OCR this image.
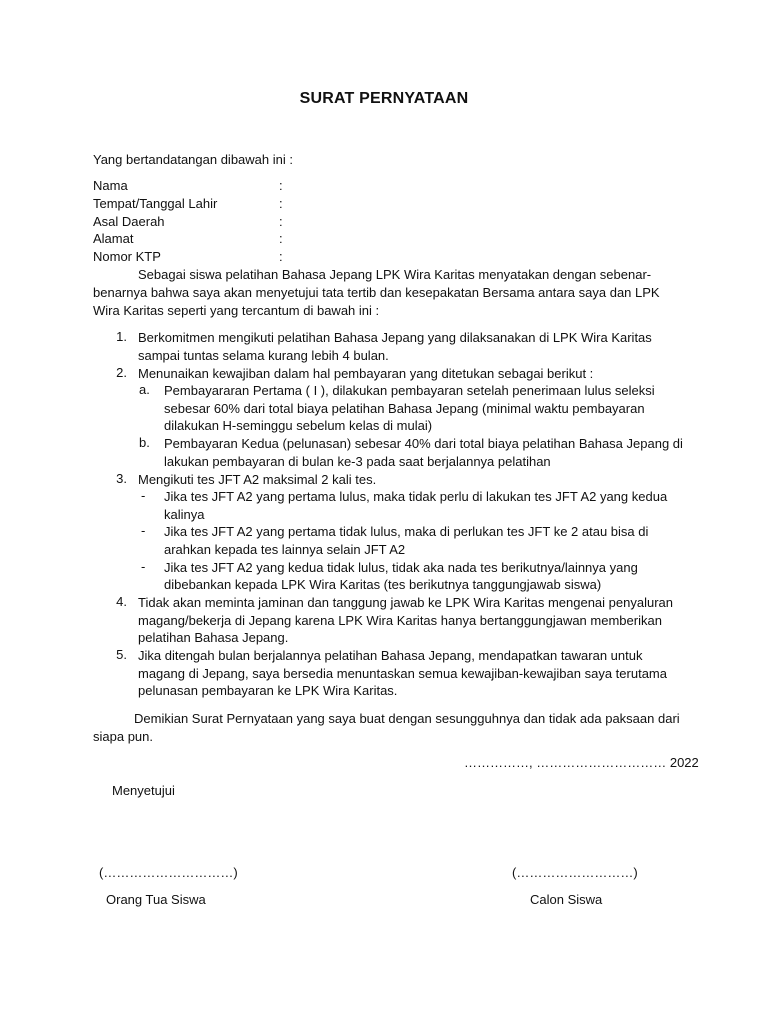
SURAT PERNYATAAN
Yang bertandatangan dibawah ini :
Nama	:
Tempat/Tanggal Lahir	:
Asal Daerah	:
Alamat	:
Nomor KTP	:
Sebagai siswa pelatihan Bahasa Jepang LPK Wira Karitas menyatakan dengan sebenar-
benarnya bahwa saya akan menyetujui tata tertib dan kesepakatan Bersama antara saya dan LPK
Wira Karitas seperti yang tercantum di bawah ini :
1. Berkomitmen mengikuti pelatihan Bahasa Jepang yang dilaksanakan di LPK Wira Karitas
sampai tuntas selama kurang lebih 4 bulan.
2. Menunaikan kewajiban dalam hal pembayaran yang ditetukan sebagai berikut :
a. Pembayararan Pertama ( I ), dilakukan pembayaran setelah penerimaan lulus seleksi
sebesar 60% dari total biaya pelatihan Bahasa Jepang (minimal waktu pembayaran
dilakukan H-seminggu sebelum kelas di mulai)
b. Pembayaran Kedua (pelunasan) sebesar 40% dari total biaya pelatihan Bahasa Jepang di
lakukan pembayaran di bulan ke-3 pada saat berjalannya pelatihan
3. Mengikuti tes JFT A2 maksimal 2 kali tes.
- Jika tes JFT A2 yang pertama lulus, maka tidak perlu di lakukan tes JFT A2 yang kedua
kalinya
- Jika tes JFT A2 yang pertama tidak lulus, maka di perlukan tes JFT ke 2 atau bisa di
arahkan kepada tes lainnya selain JFT A2
- Jika tes JFT A2 yang kedua tidak lulus, tidak aka nada tes berikutnya/lainnya yang
dibebankan kepada LPK Wira Karitas (tes berikutnya tanggungjawab siswa)
4. Tidak akan meminta jaminan dan tanggung jawab ke LPK Wira Karitas mengenai penyaluran
magang/bekerja di Jepang karena LPK Wira Karitas hanya bertanggungjawan memberikan
pelatihan Bahasa Jepang.
5. Jika ditengah bulan berjalannya pelatihan Bahasa Jepang, mendapatkan tawaran untuk
magang di Jepang, saya bersedia menuntaskan semua kewajiban-kewajiban saya terutama
pelunasan pembayaran ke LPK Wira Karitas.
Demikian Surat Pernyataan yang saya buat dengan sesungguhnya dan tidak ada paksaan dari
siapa pun.
……………, ………………………… 2022
Menyetujui
(…………………………)	(………………………)
Orang Tua Siswa	Calon Siswa
